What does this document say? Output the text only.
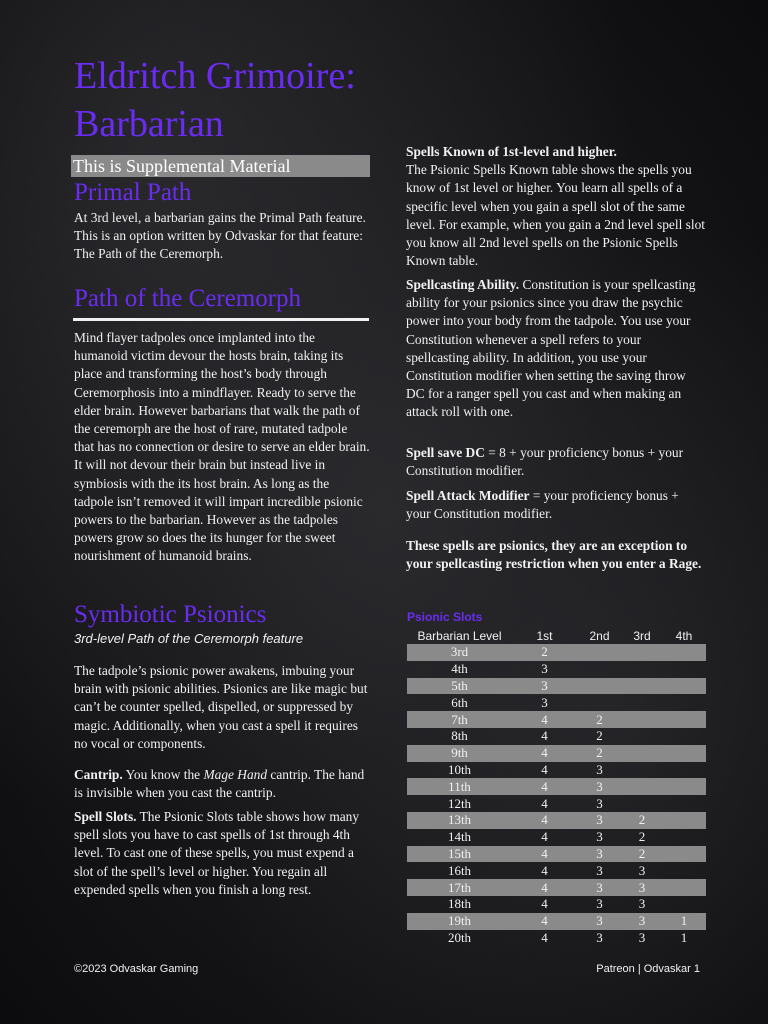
Eldritch Grimoire: Barbarian
This is Supplemental Material
Primal Path

At 3rd level, a barbarian gains the Primal Path feature. This is an option written by Odvaskar for that feature: The Path of the Ceremorph.

Path of the Ceremorph

Mind flayer tadpoles once implanted into the humanoid victim devour the hosts brain, taking its place and transforming the host’s body through Ceremorphosis into a mindflayer. Ready to serve the elder brain. However barbarians that walk the path of the ceremorph are the host of rare, mutated tadpole that has no connection or desire to serve an elder brain. It will not devour their brain but instead live in symbiosis with the its host brain. As long as the tadpole isn’t removed it will impart incredible psionic powers to the barbarian. However as the tadpoles powers grow so does the its hunger for the sweet nourishment of humanoid brains.

Symbiotic Psionics
3rd-level Path of the Ceremorph feature

The tadpole’s psionic power awakens, imbuing your brain with psionic abilities. Psionics are like magic but can’t be counter spelled, dispelled, or suppressed by magic. Additionally, when you cast a spell it requires no vocal or components.

Cantrip. You know the Mage Hand cantrip. The hand is invisible when you cast the cantrip.

Spell Slots. The Psionic Slots table shows how many spell slots you have to cast spells of 1st through 4th level. To cast one of these spells, you must expend a slot of the spell’s level or higher. You regain all expended spells when you finish a long rest.

Spells Known of 1st-level and higher.
The Psionic Spells Known table shows the spells you know of 1st level or higher. You learn all spells of a specific level when you gain a spell slot of the same level. For example, when you gain a 2nd level spell slot you know all 2nd level spells on the Psionic Spells Known table.

Spellcasting Ability. Constitution is your spellcasting ability for your psionics since you draw the psychic power into your body from the tadpole. You use your Constitution whenever a spell refers to your spellcasting ability. In addition, you use your Constitution modifier when setting the saving throw DC for a ranger spell you cast and when making an attack roll with one.

Spell save DC = 8 + your proficiency bonus + your Constitution modifier.

Spell Attack Modifier = your proficiency bonus + your Constitution modifier.

These spells are psionics, they are an exception to your spellcasting restriction when you enter a Rage.

Psionic Slots
Barbarian Level	1st	2nd	3rd	4th
3rd	2			
4th	3			
5th	3			
6th	3			
7th	4	2		
8th	4	2		
9th	4	2		
10th	4	3		
11th	4	3		
12th	4	3		
13th	4	3	2	
14th	4	3	2	
15th	4	3	2	
16th	4	3	3	
17th	4	3	3	
18th	4	3	3	
19th	4	3	3	1
20th	4	3	3	1
©2023 Odvaskar Gaming	Patreon | Odvaskar 1
